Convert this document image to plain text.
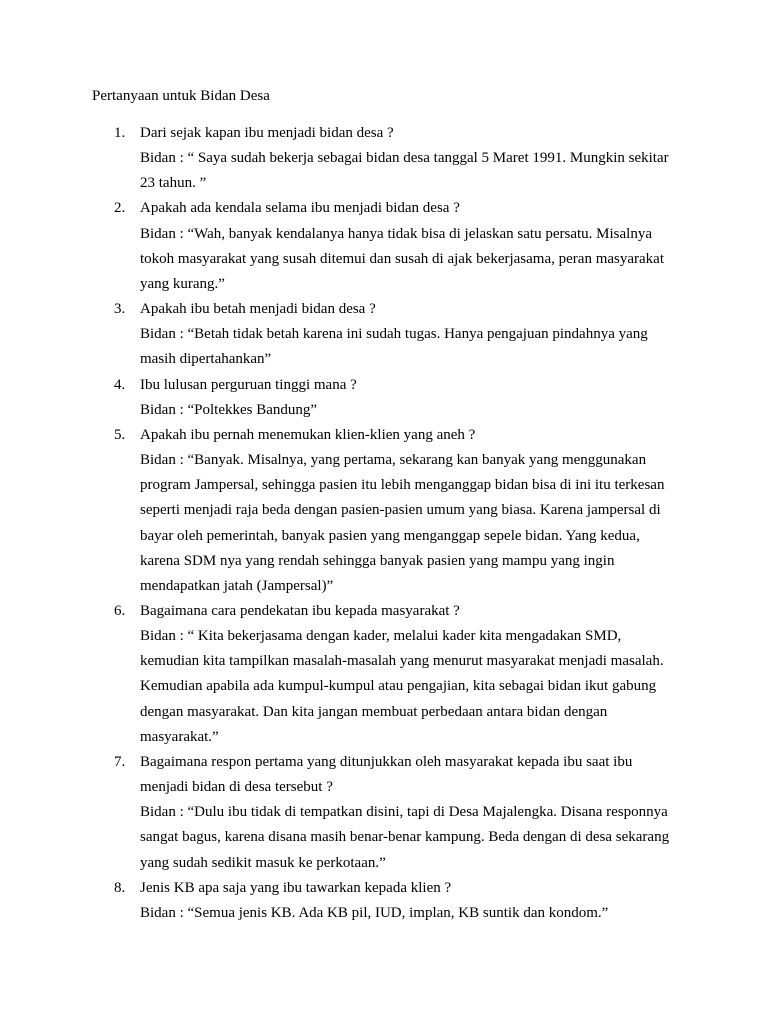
Pertanyaan untuk Bidan Desa
1. Dari sejak kapan ibu menjadi bidan desa ?
Bidan : “ Saya sudah bekerja sebagai bidan desa tanggal 5 Maret 1991. Mungkin sekitar 23 tahun. ”
2. Apakah ada kendala selama ibu menjadi bidan desa ?
Bidan : “Wah, banyak kendalanya hanya tidak bisa di jelaskan satu persatu. Misalnya tokoh masyarakat yang susah ditemui dan susah di ajak bekerjasama, peran masyarakat yang kurang.”
3. Apakah ibu betah menjadi bidan desa ?
Bidan : “Betah tidak betah karena ini sudah tugas. Hanya pengajuan pindahnya yang masih dipertahankan”
4. Ibu lulusan perguruan tinggi mana ?
Bidan : “Poltekkes Bandung”
5. Apakah ibu pernah menemukan klien-klien yang aneh ?
Bidan : “Banyak. Misalnya, yang pertama, sekarang kan banyak yang menggunakan program Jampersal, sehingga pasien itu lebih menganggap bidan bisa di ini itu terkesan seperti menjadi raja beda dengan pasien-pasien umum yang biasa. Karena jampersal di bayar oleh pemerintah, banyak pasien yang menganggap sepele bidan. Yang kedua, karena SDM nya yang rendah sehingga banyak pasien yang mampu yang ingin mendapatkan jatah (Jampersal)”
6. Bagaimana cara pendekatan ibu kepada masyarakat ?
Bidan : “ Kita bekerjasama dengan kader, melalui kader kita mengadakan SMD, kemudian kita tampilkan masalah-masalah yang menurut masyarakat menjadi masalah. Kemudian apabila ada kumpul-kumpul atau pengajian, kita sebagai bidan ikut gabung dengan masyarakat. Dan kita jangan membuat perbedaan antara bidan dengan masyarakat.”
7. Bagaimana respon pertama yang ditunjukkan oleh masyarakat kepada ibu saat ibu menjadi bidan di desa tersebut ?
Bidan : “Dulu ibu tidak di tempatkan disini, tapi di Desa Majalengka. Disana responnya sangat bagus, karena disana masih benar-benar kampung. Beda dengan di desa sekarang yang sudah sedikit masuk ke perkotaan.”
8. Jenis KB apa saja yang ibu tawarkan kepada klien ?
Bidan : “Semua jenis KB. Ada KB pil, IUD, implan, KB suntik dan kondom.”
